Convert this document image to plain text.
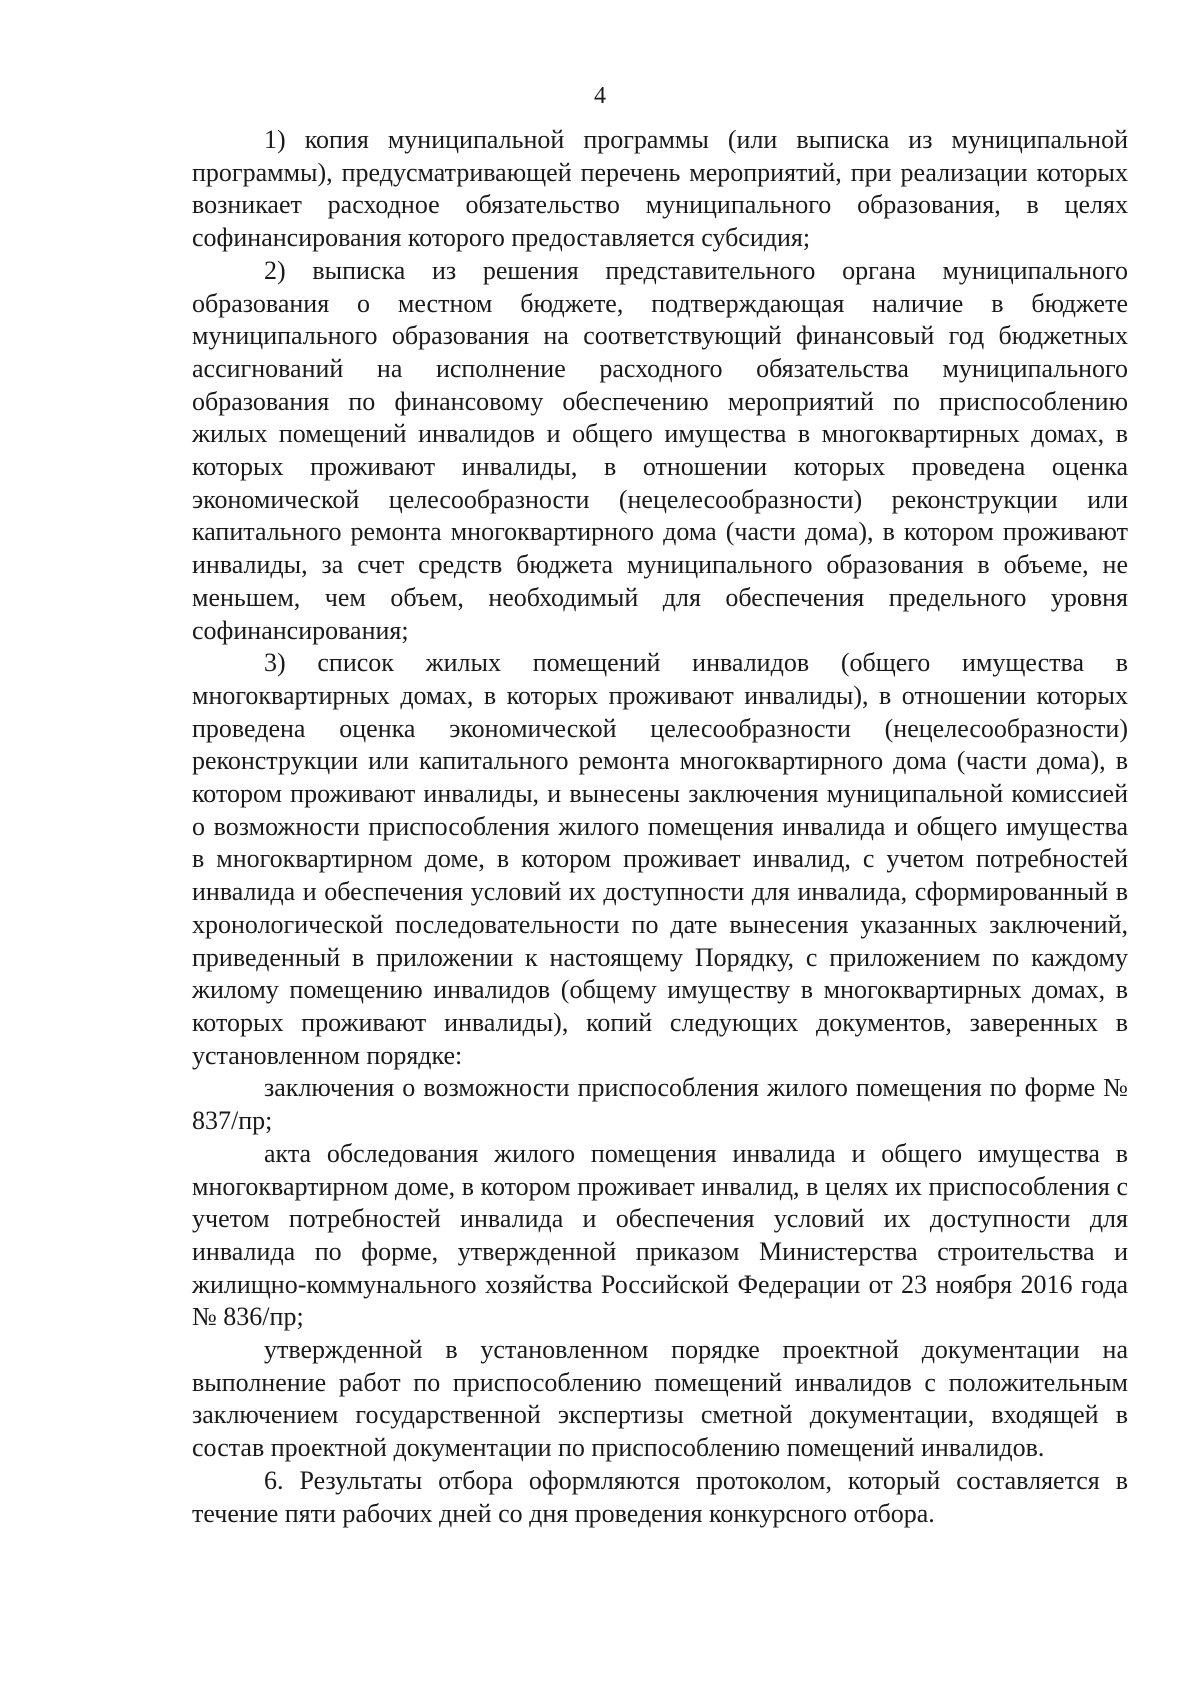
4

1) копия муниципальной программы (или выписка из муниципальной программы), предусматривающей перечень мероприятий, при реализации которых возникает расходное обязательство муниципального образования, в целях софинансирования которого предоставляется субсидия;

2) выписка из решения представительного органа муниципального образования о местном бюджете, подтверждающая наличие в бюджете муниципального образования на соответствующий финансовый год бюджетных ассигнований на исполнение расходного обязательства муниципального образования по финансовому обеспечению мероприятий по приспособлению жилых помещений инвалидов и общего имущества в многоквартирных домах, в которых проживают инвалиды, в отношении которых проведена оценка экономической целесообразности (нецелесообразности) реконструкции или капитального ремонта многоквартирного дома (части дома), в котором проживают инвалиды, за счет средств бюджета муниципального образования в объеме, не меньшем, чем объем, необходимый для обеспечения предельного уровня софинансирования;

3) список жилых помещений инвалидов (общего имущества в многоквартирных домах, в которых проживают инвалиды), в отношении которых проведена оценка экономической целесообразности (нецелесообразности) реконструкции или капитального ремонта многоквартирного дома (части дома), в котором проживают инвалиды, и вынесены заключения муниципальной комиссией о возможности приспособления жилого помещения инвалида и общего имущества в многоквартирном доме, в котором проживает инвалид, с учетом потребностей инвалида и обеспечения условий их доступности для инвалида, сформированный в хронологической последовательности по дате вынесения указанных заключений, приведенный в приложении к настоящему Порядку, с приложением по каждому жилому помещению инвалидов (общему имуществу в многоквартирных домах, в которых проживают инвалиды), копий следующих документов, заверенных в установленном порядке:

заключения о возможности приспособления жилого помещения по форме № 837/пр;

акта обследования жилого помещения инвалида и общего имущества в многоквартирном доме, в котором проживает инвалид, в целях их приспособления с учетом потребностей инвалида и обеспечения условий их доступности для инвалида по форме, утвержденной приказом Министерства строительства и жилищно-коммунального хозяйства Российской Федерации от 23 ноября 2016 года № 836/пр;

утвержденной в установленном порядке проектной документации на выполнение работ по приспособлению помещений инвалидов с положительным заключением государственной экспертизы сметной документации, входящей в состав проектной документации по приспособлению помещений инвалидов.

6. Результаты отбора оформляются протоколом, который составляется в течение пяти рабочих дней со дня проведения конкурсного отбора.
